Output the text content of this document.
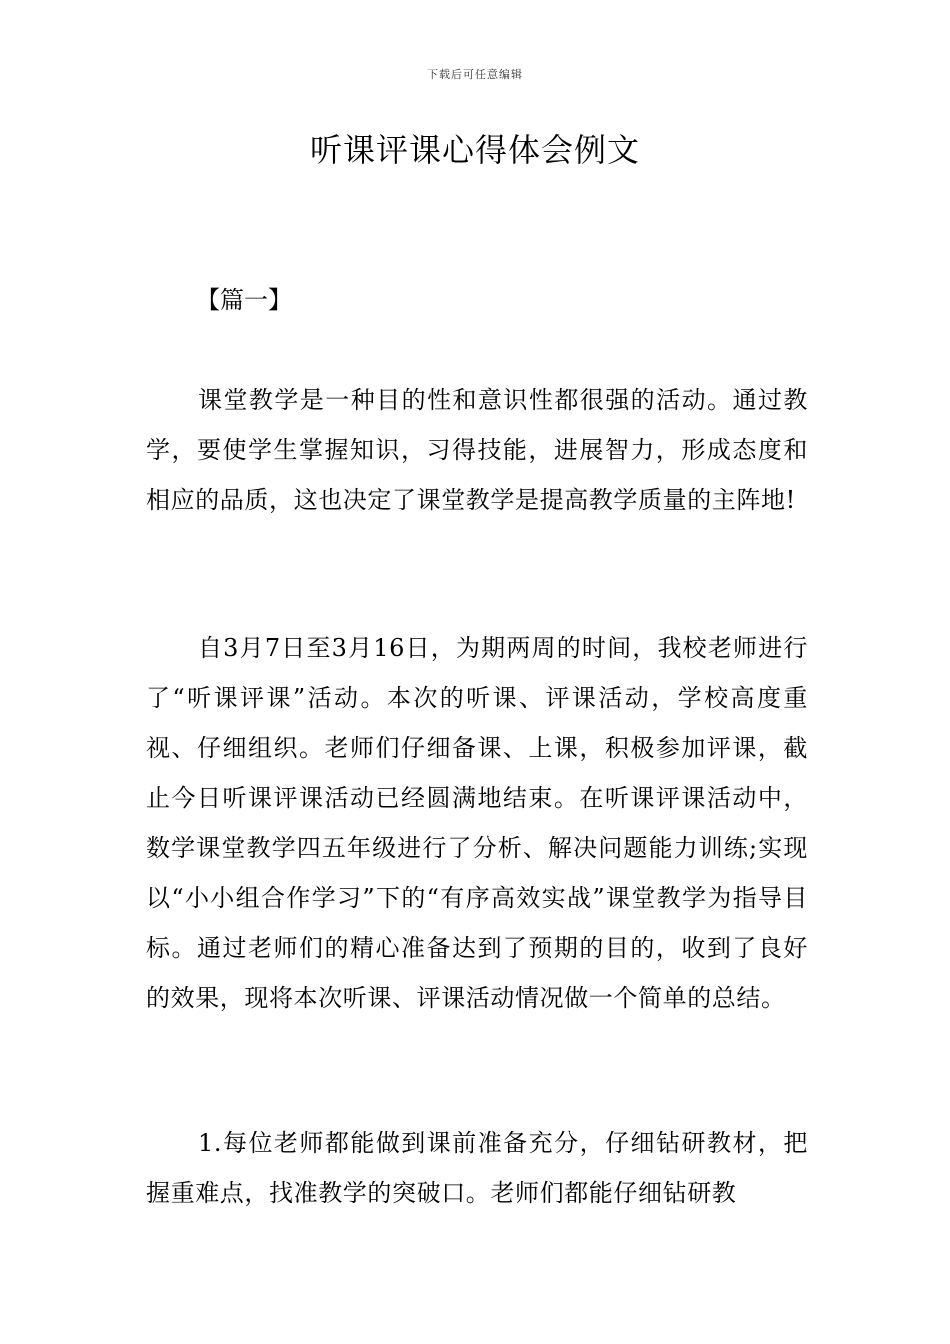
下载后可任意编辑
听课评课心得体会例文
【篇一】

课堂教学是一种目的性和意识性都很强的活动。通过教学，要使学生掌握知识，习得技能，进展智力，形成态度和相应的品质，这也决定了课堂教学是提高教学质量的主阵地!

自3月7日至3月16日，为期两周的时间，我校老师进行了“听课评课”活动。本次的听课、评课活动，学校高度重视、仔细组织。老师们仔细备课、上课，积极参加评课，截止今日听课评课活动已经圆满地结束。在听课评课活动中，数学课堂教学四五年级进行了分析、解决问题能力训练;实现以“小小组合作学习”下的“有序高效实战”课堂教学为指导目标。通过老师们的精心准备达到了预期的目的，收到了良好的效果，现将本次听课、评课活动情况做一个简单的总结。

1.每位老师都能做到课前准备充分，仔细钻研教材，把握重难点，找准教学的突破口。老师们都能仔细钻研教
